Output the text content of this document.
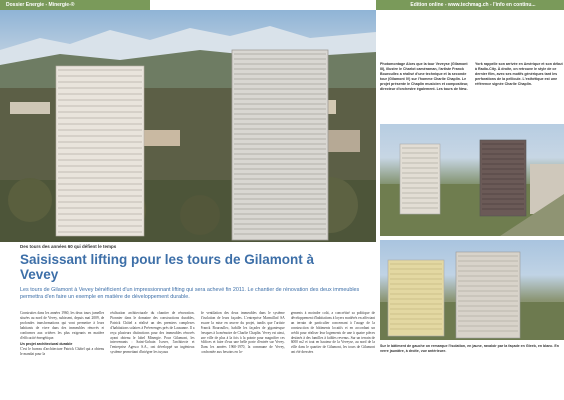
Dossier Energie - Minergie-®	Edition online - www.techmag.ch - l'info en continu...
Photomontage Alors que la tour Veveyse (Gilamont III), illustre le Charlot caméraman, l'artiste Franck Bouroullec a réalisé d'une technique et la seconde tour (Gilamont IV) sur l'homme Charlie Chaplin. Le projet présente le Chaplin musicien et compositeur, directeur d'orchestre également. Les tours de New-York rappelle son arrivée en Amérique et son début à Radio-City. À droite, on retrouve le style de ce dernier film, avec ses motifs génériques tant les perforations de la pellicule. L'esthétique est une référence signée Charlie Chaplin.
Sur le bâtiment de gauche on remarque l'isolation, en jaune, ravaloir par la façade en Gleeb, en blanc. En verre jaunâtre, à droite, vue antérieure.
Des tours des années 60 qui défient le temps
Saisissant lifting pour les tours de Gilamont à Vevey
Les tours de Gilamont à Vevey bénéficient d'un impressionnant lifting qui sera achevé fin 2011. Le chantier de rénovation des deux immeubles permettra d'en faire un exemple en matière de développement durable.
Construites dans les années 1960, les deux tours jumelles situées au nord de Vevey, subissent, depuis mai 2009, de profondes transformations qui vont permettre à leurs habitants de vivre dans des immeubles rénovés et conformes aux critères les plus exigeants en matière d'efficacité énergétique.
Un projet architectural durable
C'est le bureau d'architecture Patrick Châtel qui a obtenu le mandat pour la
réalisation architecturale du chantier de rénovation. Pionnier dans le domaine des constructions durables, Patrick Châtel a réalisé un des premiers complexes d'habitations solaires à Préverenges près de Lausanne. Il a reçu plusieurs distinctions pour des immeubles rénovés ayant obtenu le label Minergie. Pour Gilamont, les intervenants : Saint-Gobain Isover, l'architecte et l'entreprise Agesco S.A., ont développé un ingénieux système permettant d'intégrer les tuyaux
de ventilation des deux immeubles dans le système d'isolation de leurs façades. L'entreprise Marmillod SA assure la mise en œuvre du projet, tandis que l'artiste Franck Bouroullec, habille les façades de gigantesque fresques à la mémoire de Charlie Chaplin. Vevey est ainsi, une ville de plus à la fois à la pointe pour magnifier ces édifices et faire d'eux une belle porte d'entrée sur Vevey. Dans les années 1960-1970, la commune de Vevey, confrontée aux besoins en lo-
gements à moindre coût, a concrétisé sa politique de développement d'habitations à loyers modérés en affectant un terrain de particulier concernant à l'usage de la construction de bâtiments locatifs et en accordant un crédit pour réaliser leur logements de une à quatre pièces destinés à des familles à faibles revenus. Sur un terrain de 6000 m2 et tout en hauteur de la Veveyse, au nord de la ville dans le quartier de Gilamont, les tours de Gilamont ont été dressées
